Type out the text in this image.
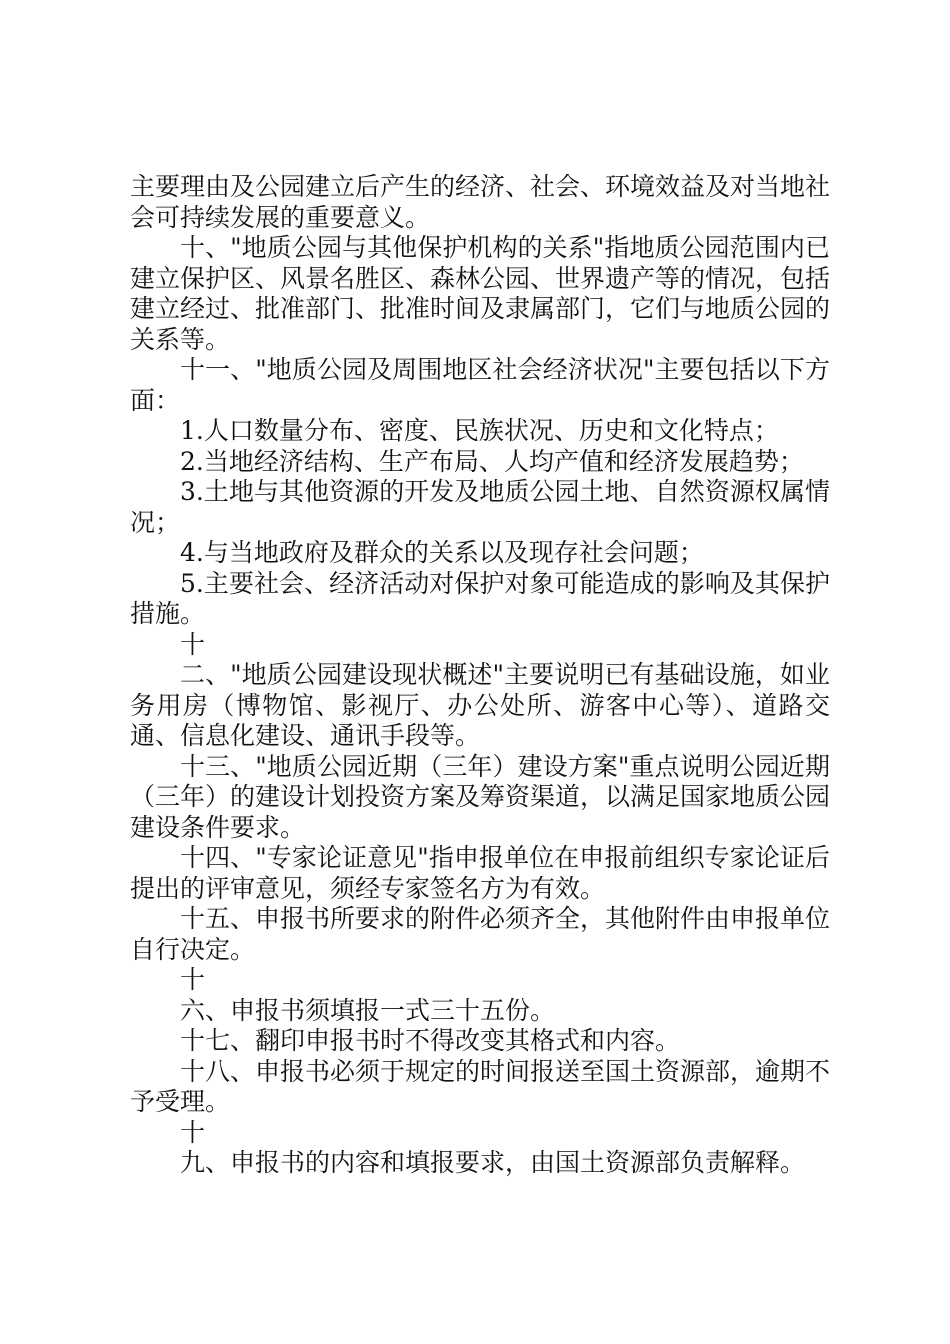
主要理由及公园建立后产生的经济、社会、环境效益及对当地社会可持续发展的重要意义。

十、"地质公园与其他保护机构的关系"指地质公园范围内已建立保护区、风景名胜区、森林公园、世界遗产等的情况，包括建立经过、批准部门、批准时间及隶属部门，它们与地质公园的关系等。

十一、"地质公园及周围地区社会经济状况"主要包括以下方面：

1.人口数量分布、密度、民族状况、历史和文化特点；

2.当地经济结构、生产布局、人均产值和经济发展趋势；

3.土地与其他资源的开发及地质公园土地、自然资源权属情况；

4.与当地政府及群众的关系以及现存社会问题；

5.主要社会、经济活动对保护对象可能造成的影响及其保护措施。

十

二、"地质公园建设现状概述"主要说明已有基础设施，如业务用房（博物馆、影视厅、办公处所、游客中心等）、道路交通、信息化建设、通讯手段等。

十三、"地质公园近期（三年）建设方案"重点说明公园近期（三年）的建设计划投资方案及筹资渠道，以满足国家地质公园建设条件要求。

十四、"专家论证意见"指申报单位在申报前组织专家论证后提出的评审意见，须经专家签名方为有效。

十五、申报书所要求的附件必须齐全，其他附件由申报单位自行决定。

十

六、申报书须填报一式三十五份。

十七、翻印申报书时不得改变其格式和内容。

十八、申报书必须于规定的时间报送至国土资源部，逾期不予受理。

十

九、申报书的内容和填报要求，由国土资源部负责解释。
